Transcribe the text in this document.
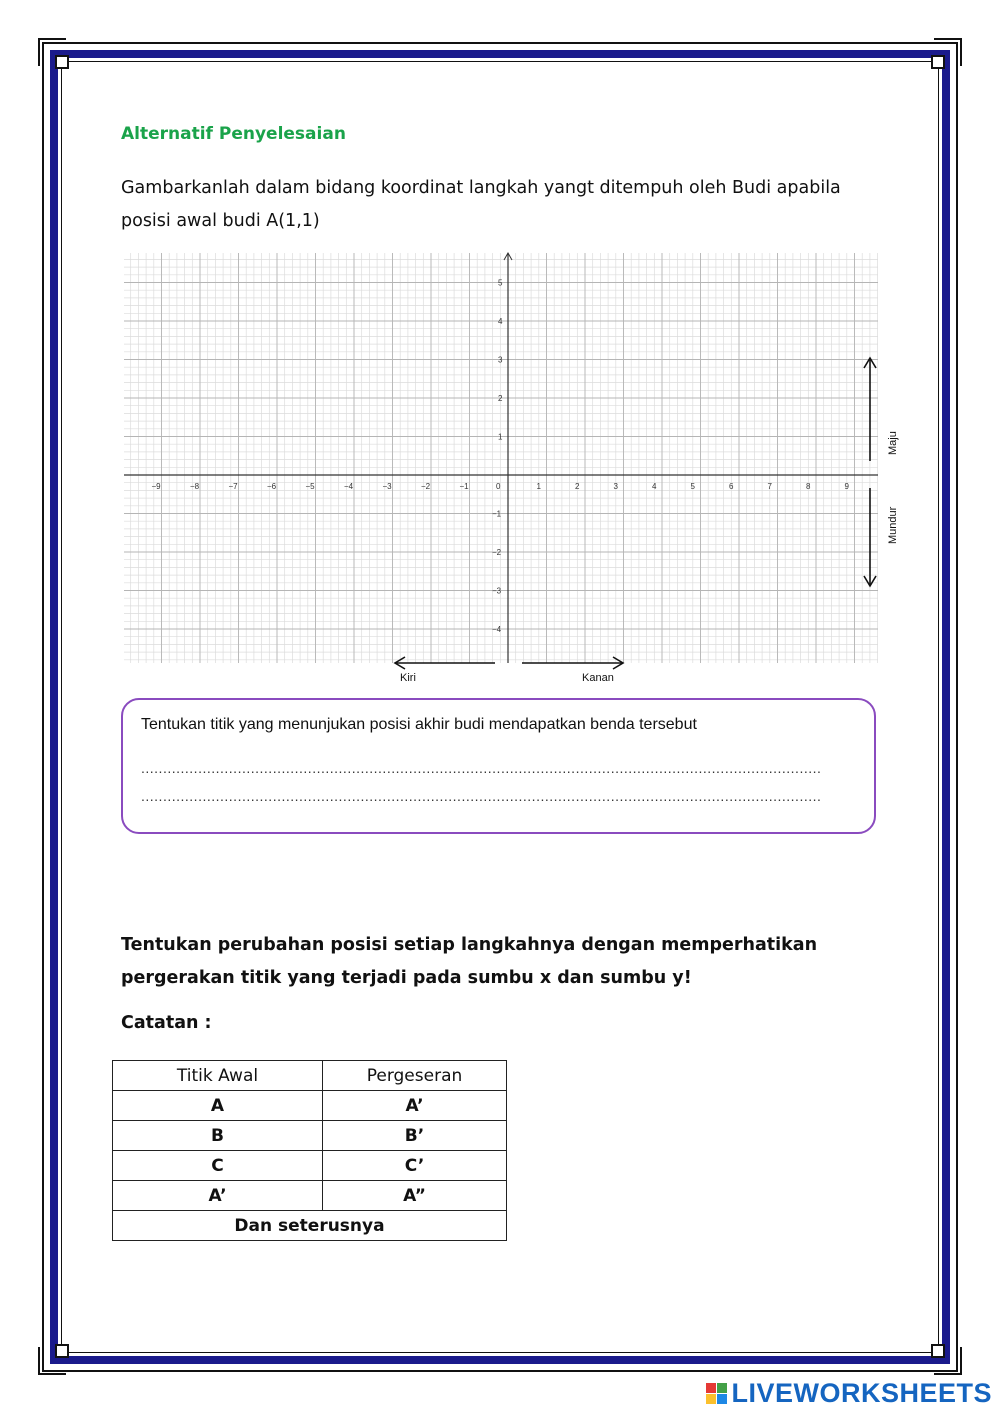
Alternatif Penyelesaian
Gambarkanlah dalam bidang koordinat langkah yangt ditempuh oleh Budi apabila
posisi awal budi A(1,1)
−9	−8	−7	−6	−5	−4	−3	−2	−1	0	1	2	3	4	5	6	7	8	9
5
4
3
2
1
−1
−2
−3
−4
Kiri	Kanan
Maju
Mundur
Tentukan titik yang menunjukan posisi akhir budi mendapatkan benda tersebut
...........................................................................................................................................................
...........................................................................................................................................................
Tentukan perubahan posisi setiap langkahnya dengan memperhatikan
pergerakan titik yang terjadi pada sumbu x dan sumbu y!
Catatan :
Titik Awal	Pergeseran
A	A’
B	B’
C	C’
A’	A”
Dan seterusnya	
LIVEWORKSHEETS
